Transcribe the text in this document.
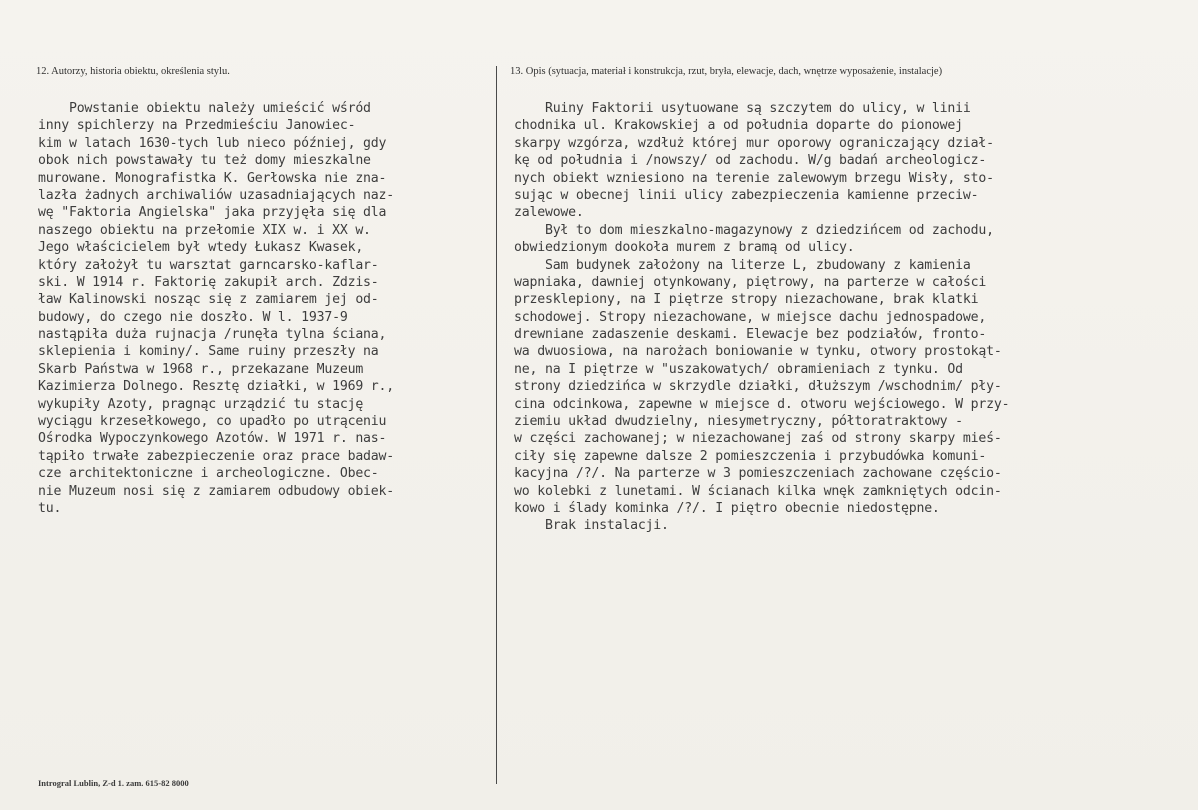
12. Autorzy, historia obiektu, określenia stylu.	13. Opis (sytuacja, materiał i konstrukcja, rzut, bryła, elewacje, dach, wnętrze wyposażenie, instalacje)
Powstanie obiektu należy umieścić wśród
inny spichlerzy na Przedmieściu Janowiec-
kim w latach 1630-tych lub nieco później, gdy
obok nich powstawały tu też domy mieszkalne
murowane. Monografistka K. Gerłowska nie zna-
lazła żadnych archiwaliów uzasadniających naz-
wę "Faktoria Angielska" jaka przyjęła się dla
naszego obiektu na przełomie XIX w. i XX w.
Jego właścicielem był wtedy Łukasz Kwasek,
który założył tu warsztat garncarsko-kaflar-
ski. W 1914 r. Faktorię zakupił arch. Zdzis-
ław Kalinowski nosząc się z zamiarem jej od-
budowy, do czego nie doszło. W l. 1937-9
nastąpiła duża rujnacja /runęła tylna ściana,
sklepienia i kominy/. Same ruiny przeszły na
Skarb Państwa w 1968 r., przekazane Muzeum
Kazimierza Dolnego. Resztę działki, w 1969 r.,
wykupiły Azoty, pragnąc urządzić tu stację
wyciągu krzesełkowego, co upadło po utrąceniu
Ośrodka Wypoczynkowego Azotów. W 1971 r. nas-
tąpiło trwałe zabezpieczenie oraz prace badaw-
cze architektoniczne i archeologiczne. Obec-
nie Muzeum nosi się z zamiarem odbudowy obiek-
tu.
Ruiny Faktorii usytuowane są szczytem do ulicy, w linii
chodnika ul. Krakowskiej a od południa doparte do pionowej
skarpy wzgórza, wzdłuż której mur oporowy ograniczający dział-
kę od południa i /nowszy/ od zachodu. W/g badań archeologicz-
nych obiekt wzniesiono na terenie zalewowym brzegu Wisły, sto-
sując w obecnej linii ulicy zabezpieczenia kamienne przeciw-
zalewowe.
Był to dom mieszkalno-magazynowy z dziedzińcem od zachodu,
obwiedzionym dookoła murem z bramą od ulicy.
Sam budynek założony na literze L, zbudowany z kamienia
wapniaka, dawniej otynkowany, piętrowy, na parterze w całości
przesklepiony, na I piętrze stropy niezachowane, brak klatki
schodowej. Stropy niezachowane, w miejsce dachu jednospadowe,
drewniane zadaszenie deskami. Elewacje bez podziałów, fronto-
wa dwuosiowa, na narożach boniowanie w tynku, otwory prostokąt-
ne, na I piętrze w "uszakowatych/ obramieniach z tynku. Od
strony dziedzińca w skrzydle działki, dłuższym /wschodnim/ pły-
cina odcinkowa, zapewne w miejsce d. otworu wejściowego. W przy-
ziemiu układ dwudzielny, niesymetryczny, półtoratraktowy -
w części zachowanej; w niezachowanej zaś od strony skarpy mieś-
ciły się zapewne dalsze 2 pomieszczenia i przybudówka komuni-
kacyjna /?/. Na parterze w 3 pomieszczeniach zachowane częścio-
wo kolebki z lunetami. W ścianach kilka wnęk zamkniętych odcin-
kowo i ślady kominka /?/. I piętro obecnie niedostępne.
Brak instalacji.
Introgral Lublin, Z-d 1. zam. 615-82 8000
